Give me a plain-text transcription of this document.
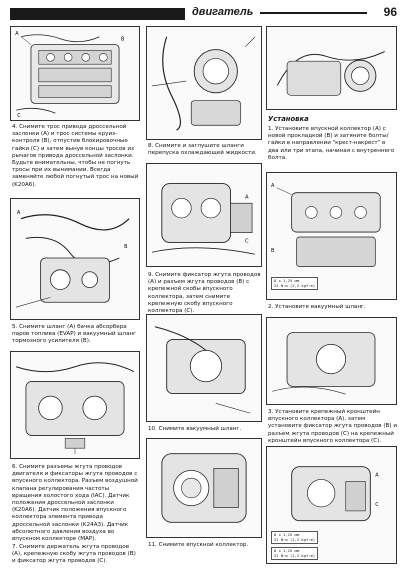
двигатель	96
A
B
C
4. Снимите трос привода дроссельной заслонки (А) и трос системы круиз-контроля (В), отпустив блокировочные гайки (С) и затем вынув концы тросов из рычагов привода дроссельной заслонки. Будьте внимательны, чтобы не погнуть тросы при их вынимании. Всегда заменяйте любой погнутый трос на новый (K20A6).
A
B
5. Снимите шланг (А) бачка абсорбера паров топлива (EVAP) и вакуумный шланг тормозного усилителя (В).
6. Снимите разъемы жгута проводов двигателя и фиксаторы жгута проводов с впускного коллектора. Разъем воздушной клапана регулирования частоты вращения холостого хода (IAC). Датчик положения дроссельной заслонки (K20A6). Датчик положения впускного коллектора элемента привода дроссельной заслонки (K24A3). Датчик абсолютного давления воздуха во впускном коллекторе (MAP).
7. Снимите держатель жгута проводов (А), крепежную скобу жгута проводов (В) и фиксатор жгута проводов (С).
8. Снимите и заглушите шланги перепуска охлаждающей жидкости.
A
C
9. Снимите фиксатор жгута проводов (А) и разъем жгута проводов (В) с крепежной скобы впускного коллектора, затем снимите крепежную скобу впускного коллектора (С).
10. Снимите вакуумный шланг.
11. Снимите впускной коллектор.
Установка
1. Установите впускной коллектор (А) с новой прокладкой (В) и затяните болты/гайки в направлении "крест-накрест" в два или три этапа, начиная с внутреннего болта.
A
B
8 x 1,25 мм
22 N·m (2,2 kgf·m)
2. Установите вакуумный шланг.
3. Установите крепежный кронштейн впускного коллектора (А), затем установите фиксатор жгута проводов (В) и разъем жгута проводов (С) на крепежный кронштейн впускного коллектора (С).
A
C
8 x 1,25 мм
22 N·m (2,2 kgf·m)
8 x 1,25 мм
22 N·m (2,2 kgf·m)
